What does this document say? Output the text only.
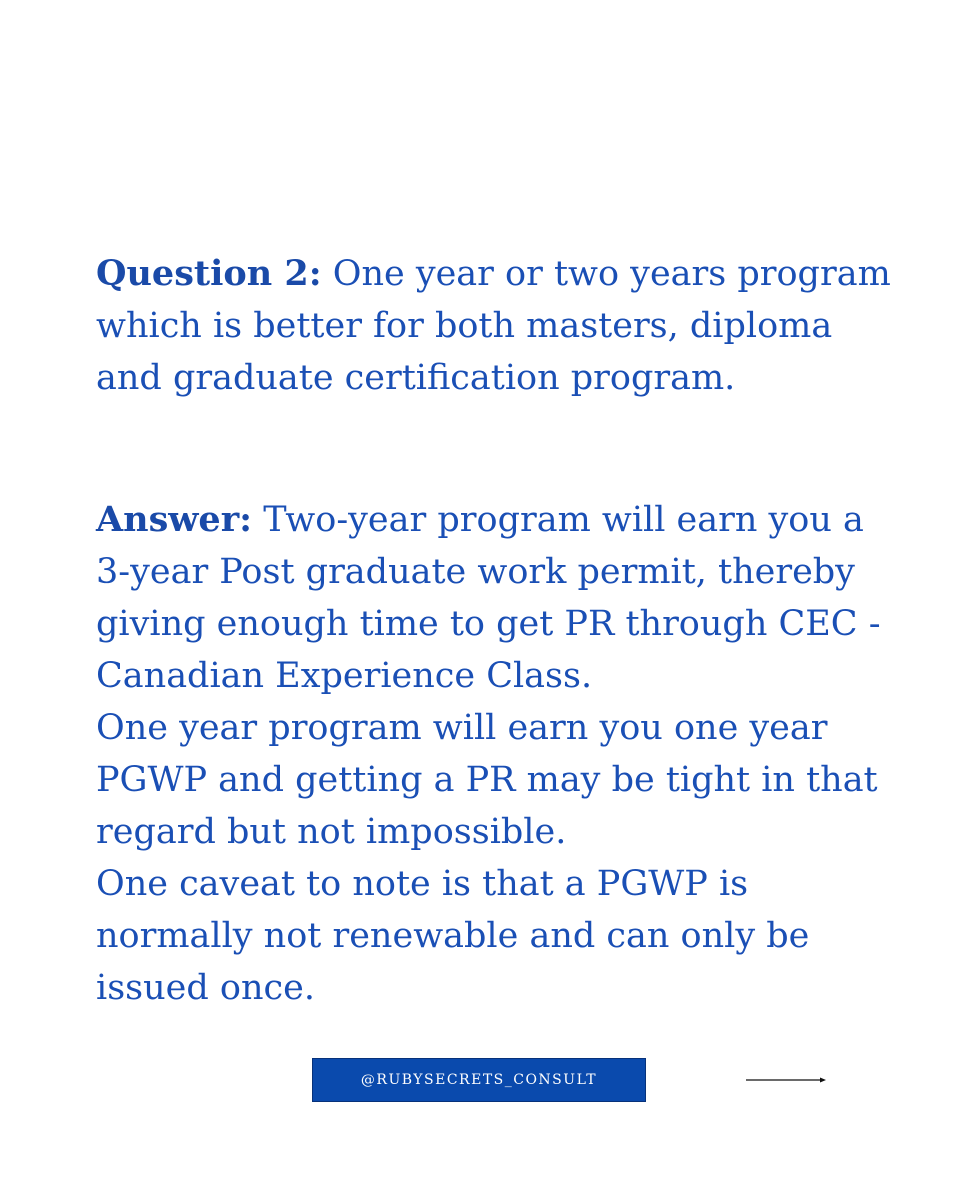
Question 2: One year or two years program which is better for both masters, diploma and graduate certification program.

Answer: Two-year program will earn you a 3-year Post graduate work permit, thereby giving enough time to get PR through CEC - Canadian Experience Class.

One year program will earn you one year PGWP and getting a PR may be tight in that regard but not impossible.

One caveat to note is that a PGWP is normally not renewable and can only be issued once.

@RUBYSECRETS_CONSULT
